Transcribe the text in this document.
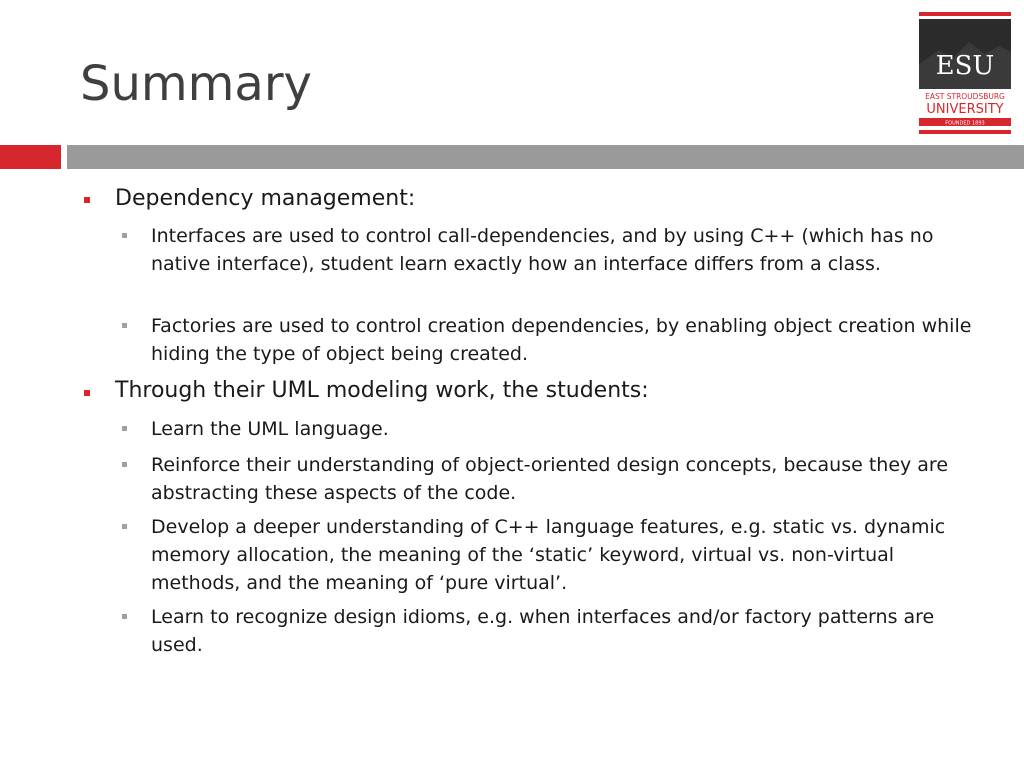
Summary	ESU
EAST STROUDSBURG
UNIVERSITY
FOUNDED 1893

Dependency management:

Interfaces are used to control call-dependencies, and by using C++ (which has no native interface), student learn exactly how an interface differs from a class.

Factories are used to control creation dependencies, by enabling object creation while hiding the type of object being created.

Through their UML modeling work, the students:

Learn the UML language.

Reinforce their understanding of object-oriented design concepts, because they are abstracting these aspects of the code.

Develop a deeper understanding of C++ language features, e.g. static vs. dynamic memory allocation, the meaning of the ‘static’ keyword, virtual vs. non-virtual methods, and the meaning of ‘pure virtual’.

Learn to recognize design idioms, e.g. when interfaces and/or factory patterns are used.
